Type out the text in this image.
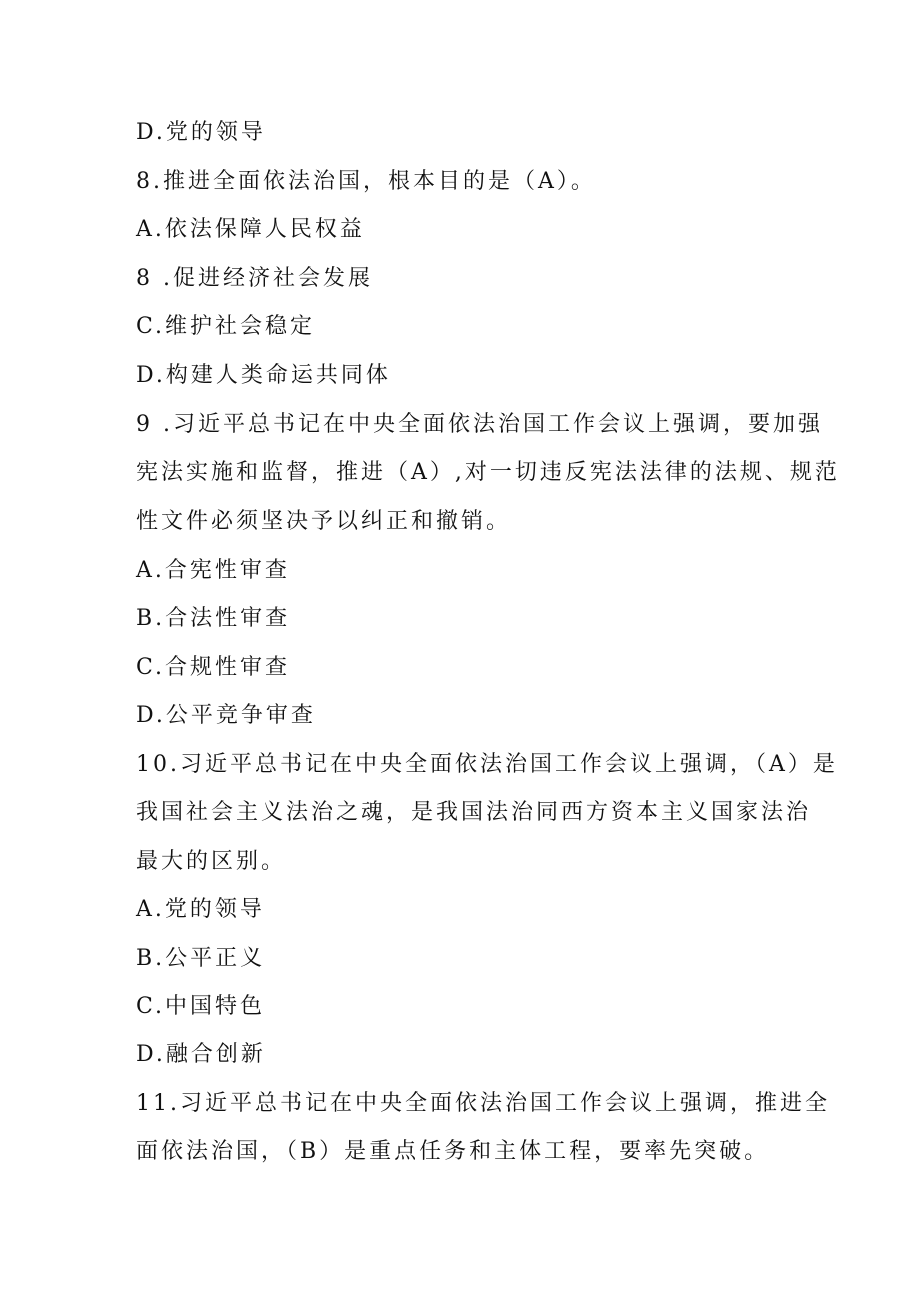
D.党的领导
8.推进全面依法治国，根本目的是（A）。
A.依法保障人民权益
8 .促进经济社会发展
C.维护社会稳定
D.构建人类命运共同体
9 .习近平总书记在中央全面依法治国工作会议上强调，要加强
宪法实施和监督，推进（A）,对一切违反宪法法律的法规、规范
性文件必须坚决予以纠正和撤销。
A.合宪性审查
B.合法性审查
C.合规性审查
D.公平竞争审查
10.习近平总书记在中央全面依法治国工作会议上强调，（A）是
我国社会主义法治之魂，是我国法治同西方资本主义国家法治
最大的区别。
A.党的领导
B.公平正义
C.中国特色
D.融合创新
11.习近平总书记在中央全面依法治国工作会议上强调，推进全
面依法治国，（B）是重点任务和主体工程，要率先突破。
